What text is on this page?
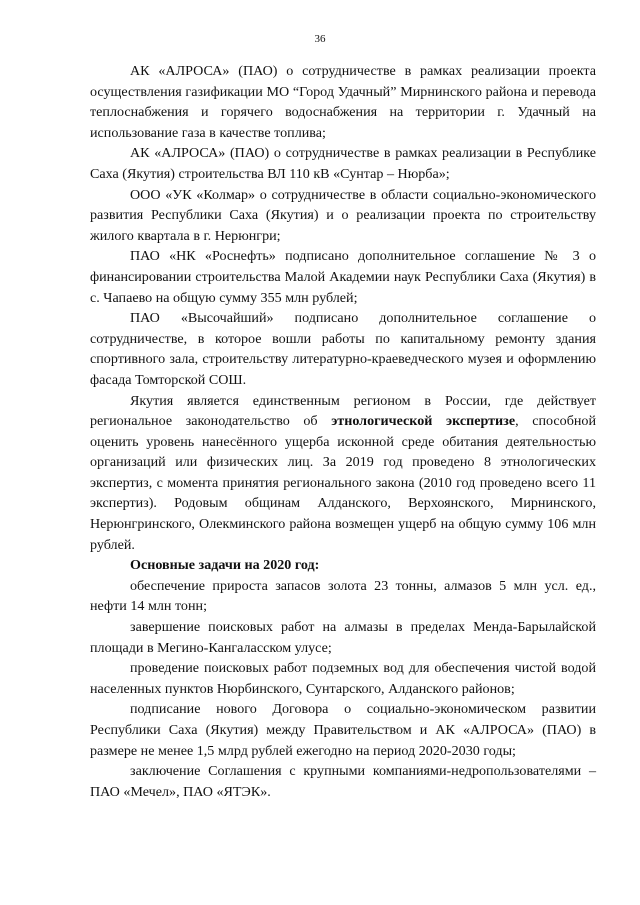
36

АК «АЛРОСА» (ПАО) о сотрудничестве в рамках реализации проекта осуществления газификации МО “Город Удачный” Мирнинского района и перевода теплоснабжения и горячего водоснабжения на территории г. Удачный на использование газа в качестве топлива;

АК «АЛРОСА» (ПАО) о сотрудничестве в рамках реализации в Республике Саха (Якутия) строительства ВЛ 110 кВ «Сунтар – Нюрба»;

ООО «УК «Колмар» о сотрудничестве в области социально-экономического развития Республики Саха (Якутия) и о реализации проекта по строительству жилого квартала в г. Нерюнгри;

ПАО «НК «Роснефть» подписано дополнительное соглашение № 3 о финансировании строительства Малой Академии наук Республики Саха (Якутия) в с. Чапаево на общую сумму 355 млн рублей;

ПАО «Высочайший» подписано дополнительное соглашение о сотрудничестве, в которое вошли работы по капитальному ремонту здания спортивного зала, строительству литературно-краеведческого музея и оформлению фасада Томторской СОШ.

Якутия является единственным регионом в России, где действует региональное законодательство об этнологической экспертизе, способной оценить уровень нанесённого ущерба исконной среде обитания деятельностью организаций или физических лиц. За 2019 год проведено 8 этнологических экспертиз, с момента принятия регионального закона (2010 год проведено всего 11 экспертиз). Родовым общинам Алданского, Верхоянского, Мирнинского, Нерюнгринского, Олекминского района возмещен ущерб на общую сумму 106 млн рублей.

Основные задачи на 2020 год:

обеспечение прироста запасов золота 23 тонны, алмазов 5 млн усл. ед., нефти 14 млн тонн;

завершение поисковых работ на алмазы в пределах Менда-Барылайской площади в Мегино-Кангаласском улусе;

проведение поисковых работ подземных вод для обеспечения чистой водой населенных пунктов Нюрбинского, Сунтарского, Алданского районов;

подписание нового Договора о социально-экономическом развитии Республики Саха (Якутия) между Правительством и АК «АЛРОСА» (ПАО) в размере не менее 1,5 млрд рублей ежегодно на период 2020-2030 годы;

заключение Соглашения с крупными компаниями-недропользователями – ПАО «Мечел», ПАО «ЯТЭК».
